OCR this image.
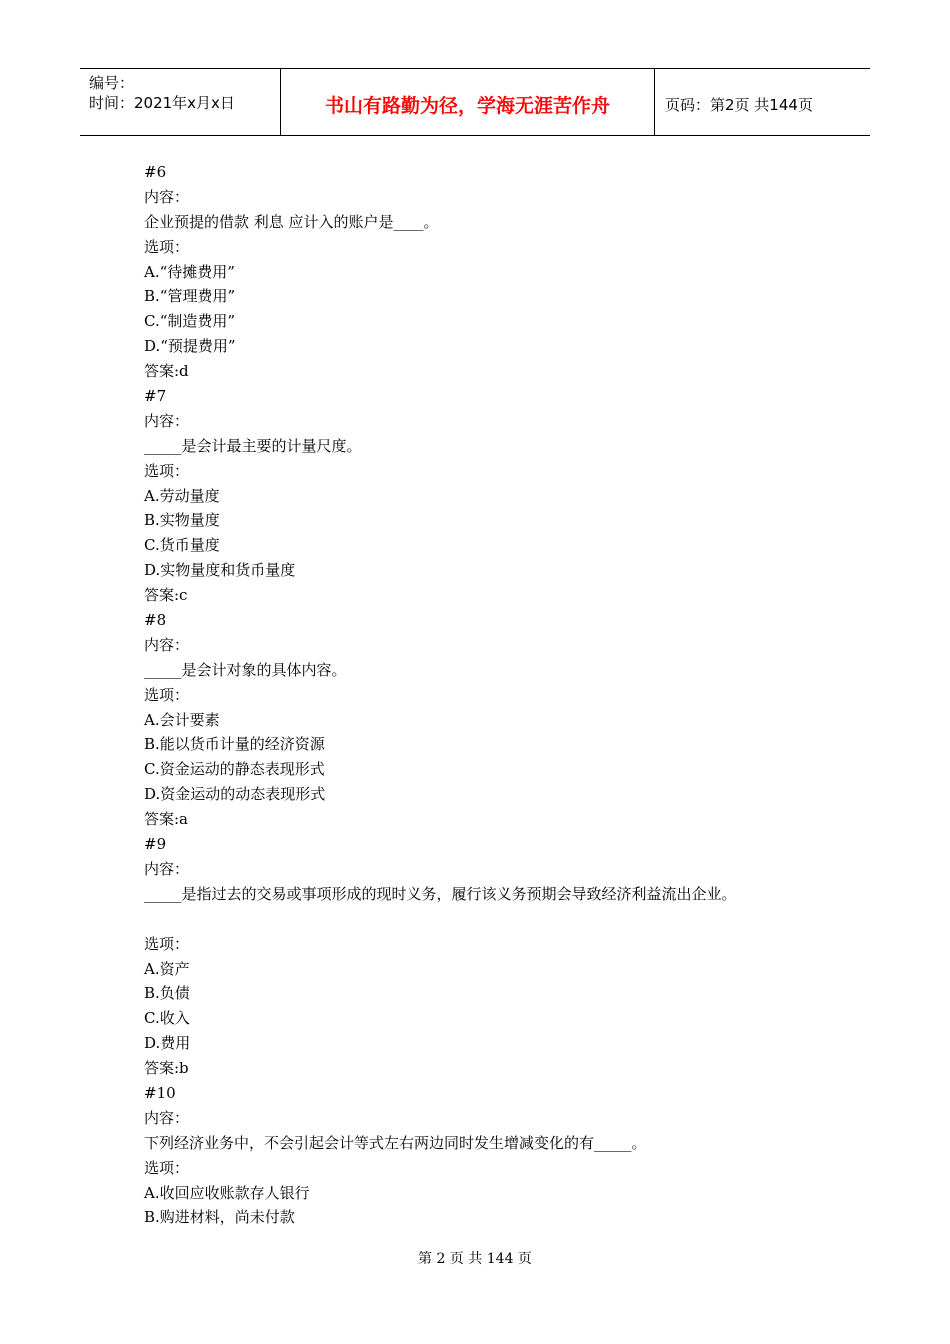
编号：
时间：2021年x月x日	书山有路勤为径，学海无涯苦作舟	页码：第2页 共144页
#6
内容：
企业预提的借款 利息 应计入的账户是____。
选项：
A.“待摊费用”
B.“管理费用”
C.“制造费用”
D.“预提费用”
答案:d
#7
内容：
_____是会计最主要的计量尺度。
选项：
A.劳动量度
B.实物量度
C.货币量度
D.实物量度和货币量度
答案:c
#8
内容：
_____是会计对象的具体内容。
选项：
A.会计要素
B.能以货币计量的经济资源
C.资金运动的静态表现形式
D.资金运动的动态表现形式
答案:a
#9
内容：
_____是指过去的交易或事项形成的现时义务，履行该义务预期会导致经济利益流出企业。
选项：
A.资产
B.负债
C.收入
D.费用
答案:b
#10
内容：
下列经济业务中，不会引起会计等式左右两边同时发生增减变化的有_____。
选项：
A.收回应收账款存人银行
B.购进材料，尚未付款
第 2 页 共 144 页
